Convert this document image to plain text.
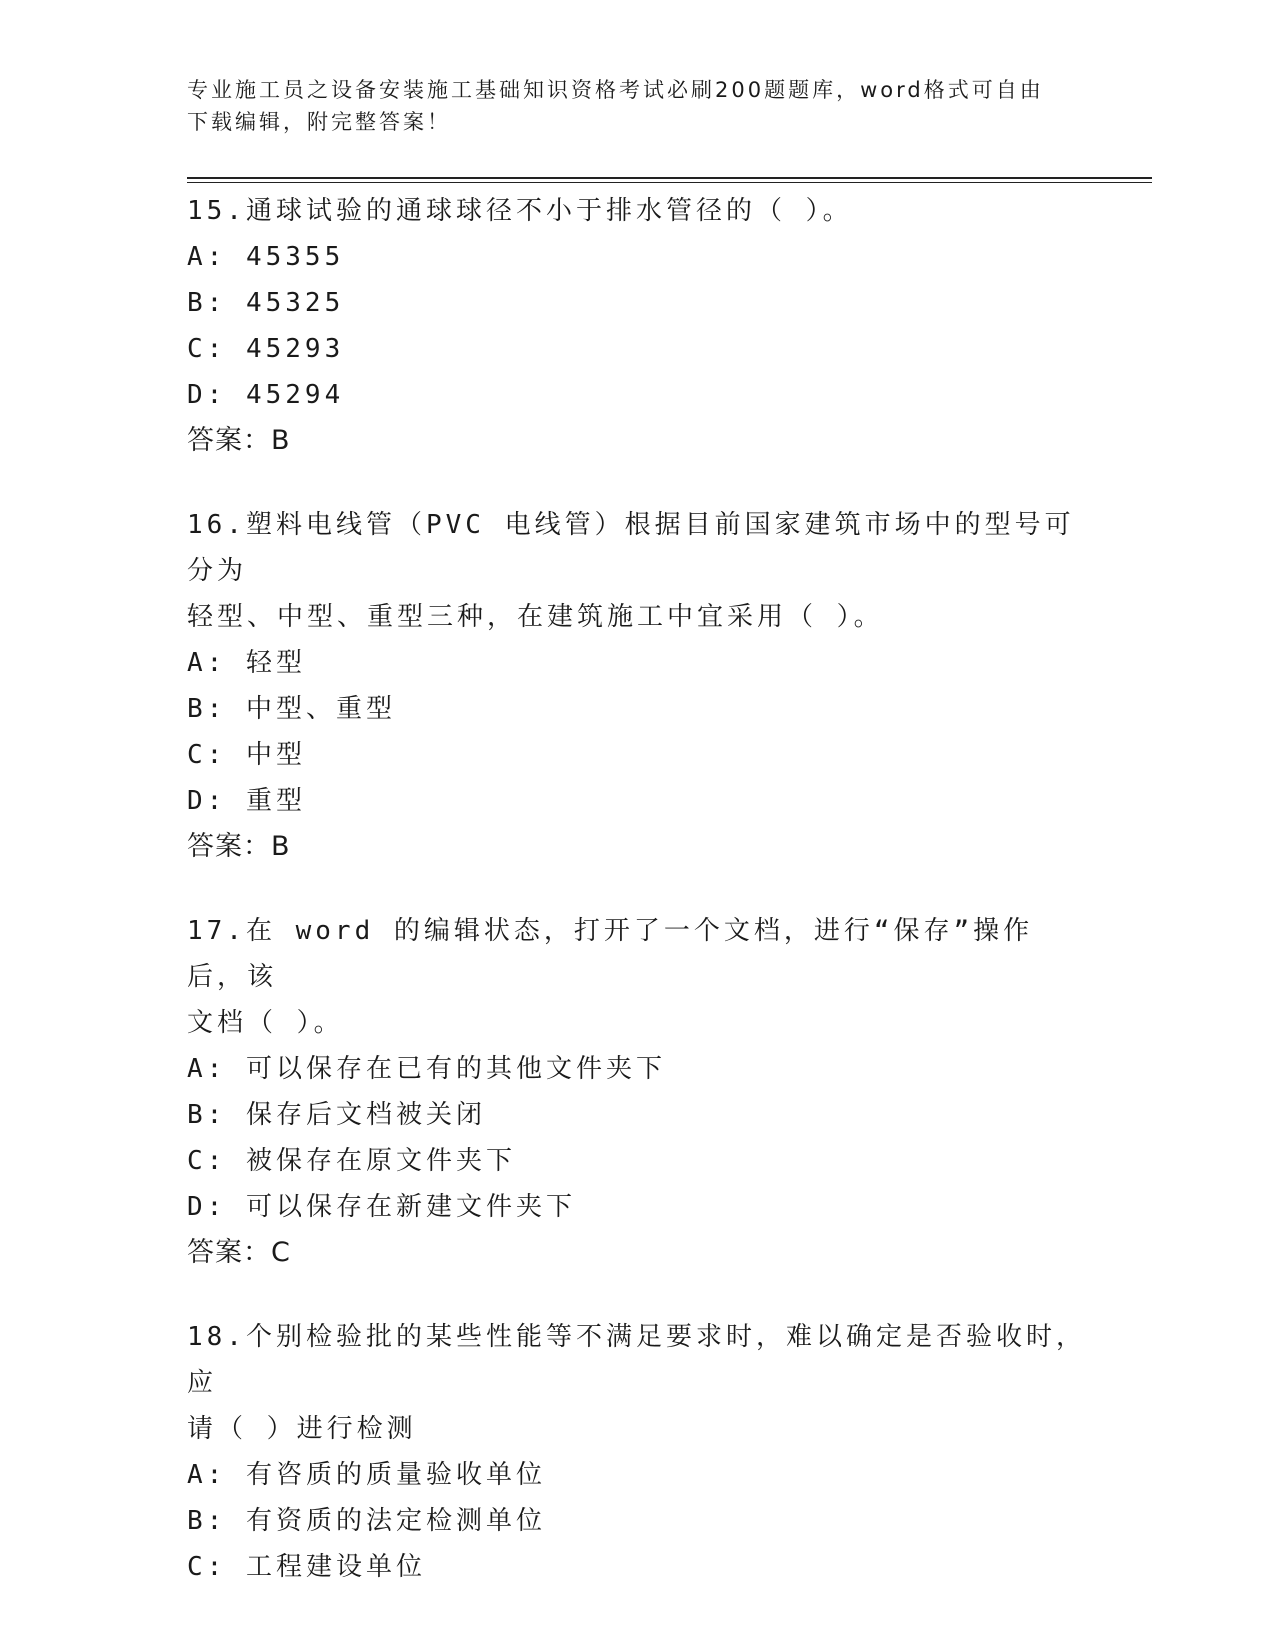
专业施工员之设备安装施工基础知识资格考试必刷200题题库，word格式可自由
下载编辑，附完整答案！

15.通球试验的通球球径不小于排水管径的（ ）。

A: 45355

B: 45325

C: 45293

D: 45294

答案：B

16.塑料电线管（PVC 电线管）根据目前国家建筑市场中的型号可分为

轻型、中型、重型三种，在建筑施工中宜采用（ ）。

A: 轻型

B: 中型、重型

C: 中型

D: 重型

答案：B

17.在 word 的编辑状态，打开了一个文档，进行“保存”操作后，该

文档（ ）。

A: 可以保存在已有的其他文件夹下

B: 保存后文档被关闭

C: 被保存在原文件夹下

D: 可以保存在新建文件夹下

答案：C

18.个别检验批的某些性能等不满足要求时，难以确定是否验收时，应

请（ ）进行检测

A: 有咨质的质量验收单位

B: 有资质的法定检测单位

C: 工程建设单位
